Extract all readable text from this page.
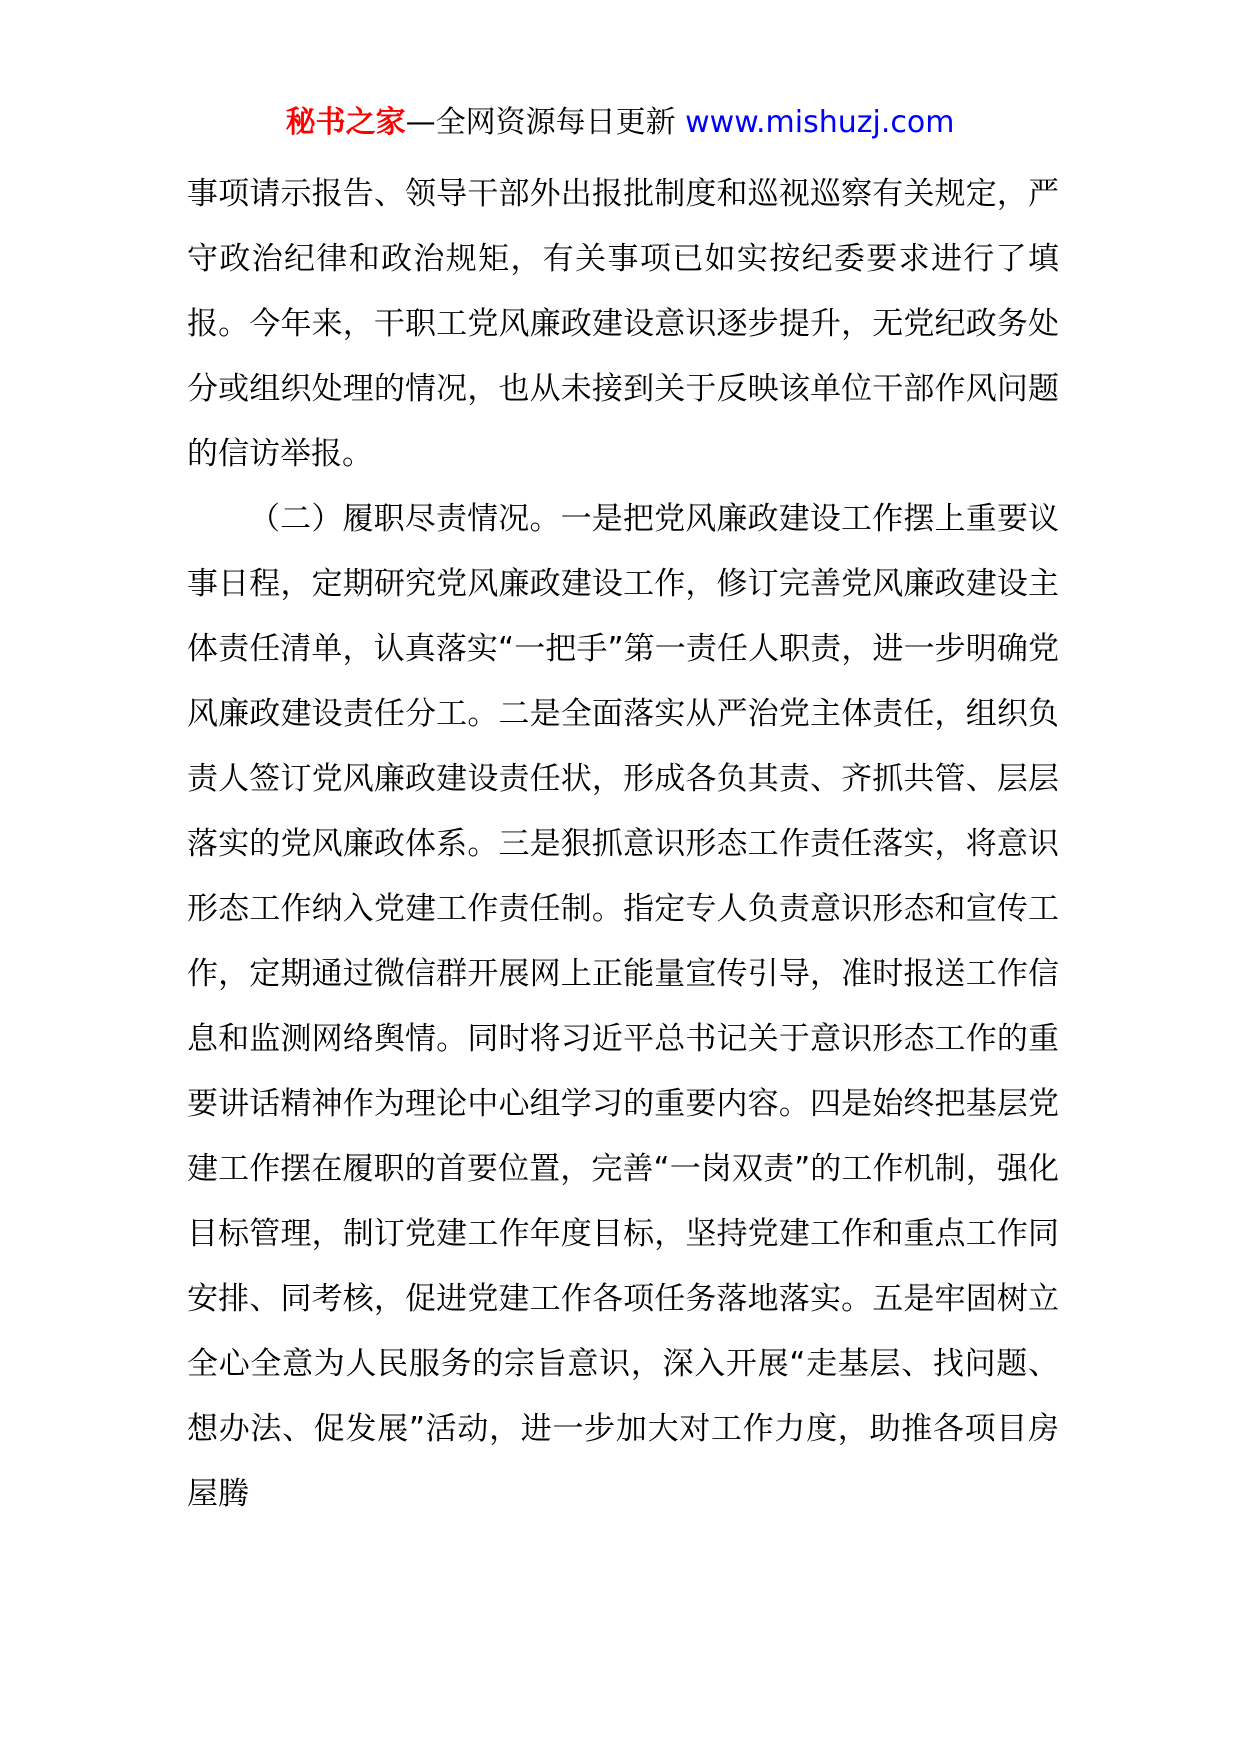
秘书之家—全网资源每日更新 www.mishuzj.com

事项请示报告、领导干部外出报批制度和巡视巡察有关规定，严守政治纪律和政治规矩，有关事项已如实按纪委要求进行了填报。今年来，干职工党风廉政建设意识逐步提升，无党纪政务处分或组织处理的情况，也从未接到关于反映该单位干部作风问题的信访举报。

（二）履职尽责情况。一是把党风廉政建设工作摆上重要议事日程，定期研究党风廉政建设工作，修订完善党风廉政建设主体责任清单，认真落实“一把手”第一责任人职责，进一步明确党风廉政建设责任分工。二是全面落实从严治党主体责任，组织负责人签订党风廉政建设责任状，形成各负其责、齐抓共管、层层落实的党风廉政体系。三是狠抓意识形态工作责任落实，将意识形态工作纳入党建工作责任制。指定专人负责意识形态和宣传工作，定期通过微信群开展网上正能量宣传引导，准时报送工作信息和监测网络舆情。同时将习近平总书记关于意识形态工作的重要讲话精神作为理论中心组学习的重要内容。四是始终把基层党建工作摆在履职的首要位置，完善“一岗双责”的工作机制，强化目标管理，制订党建工作年度目标，坚持党建工作和重点工作同安排、同考核，促进党建工作各项任务落地落实。五是牢固树立全心全意为人民服务的宗旨意识，深入开展“走基层、找问题、想办法、促发展”活动，进一步加大对工作力度，助推各项目房屋腾
